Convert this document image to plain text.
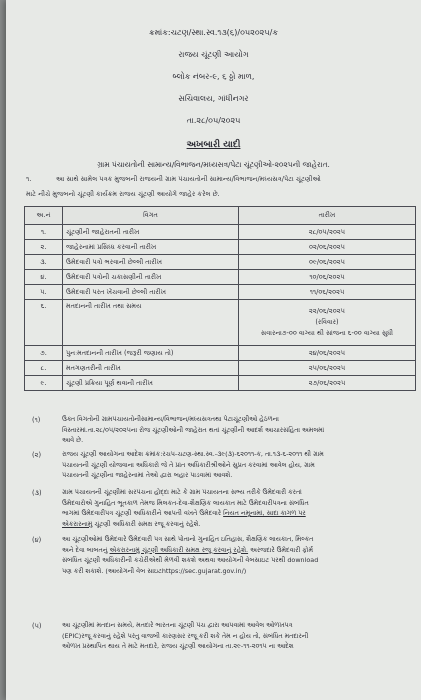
ક્રમાંક:ચટણ/સ્થા.સ્વ.૧૩(૬)/૦૫૨૦૨૫/ક
રાજય ચૂંટણી આયોગ
બ્લોક નંબર-૯, ૬ ઠ્ઠો માળ,
સચિવાલય, ગાંધીનગર
તા.૨૮/૦૫/૨૦૨૫
અખબારી યાદી
ગ્રામ પંચાયતોની સામાન્ય/વિભાજન/મધ્યસત્ર/પેટા ચૂંટણીઓ-૨૦૨૫ની જાહેરાત.
૧.	આ સાથે સામેલ પત્રક મુજબની રાજયની ગ્રામ પંચાયતોની સામાન્ય/વિભાજન/મધ્યસત્ર/પેટા ચૂંટણીઓ
માટે નીચે મુજબનો ચૂંટણી કાર્યક્રમ રાજય ચૂંટણી આયોગે જાહેર કરેલ છે.
અ.નં	વિગત	તારીખ
૧.	ચૂંટણીની જાહેરાતની તારીખ	૨૮/૦૫/૨૦૨૫
૨.	જાહેરનામાં પ્રસિધ્ધ કરવાની તારીખ	૦૨/૦૬/૨૦૨૫
૩.	ઉમેદવારી પત્રો ભરવાની છેલ્લી તારીખ	૦૯/૦૬/૨૦૨૫
૪.	ઉમેદવારી પત્રોની ચકાસણીની તારીખ	૧૦/૦૬/૨૦૨૫
૫.	ઉમેદવારી પરત ખેંચવાની છેલ્લી તારીખ	૧૧/૦૬/૨૦૨૫
૬.	મતદાનની તારીખ તથા સમય	૨૨/૦૬/૨૦૨૫
(રવિવાર)
સવારના૭-૦૦ વાગ્યા થી સાંજના ૬-૦૦ વાગ્યા સુધી

૭.	પુનઃમતદાનની તારીખ (જરૂરી જણાય તો)	૨૪/૦૬/૨૦૨૫
૮.	મતગણતરીની તારીખ	૨૫/૦૬/૨૦૨૫
૯.	ચૂંટણી પ્રક્રિયા પૂર્ણ થવાની તારીખ	૨૭/૦૬/૨૦૨૫
(૧)	ઉક્ત વિગતોની ગ્રામપંચાયતોનીસામાન્ય/વિભાજન/મધ્યસત્રતથા પેટાચૂંટણીઓ હેઠળના
વિસ્તારમાં.તા.૨૮/૦૫/૨૦૨૫ના રોજ ચૂંટણીઓની જાહેરાત થતાં ચૂંટણીની આદર્શ આચારસંહિતા અમલમાં
આવે છે.
(૨)	રાજય ચૂંટણી આયોગના આદેશ ક્રમાંક:રચપ-ચટણ-સ્થા.સ્વ.-૩૯(૩)-૬૨૦૧૧-ક, તા.૧૩-૬-૨૦૧૧ થી ગ્રામ
પંચાયતની ચૂંટણી યોજવાના અધિકારો જે તે પ્રાંત અધિકારીશ્રીઓને સુપ્રત કરવામાં આવેલ હોય, ગ્રામ
પંચાયતની ચૂંટણીના જાહેરનામાં તેઓ દ્વારા બહાર પાડવામાં આવશે.
(૩)	ગ્રામ પંચાયતની ચૂંટણીમાં સરપંચના હોદ્દા માટે કે ગ્રામ પંચાયતના સભ્ય તરીકે ઉમેદવારી કરતાં
ઉમેદવારોએ ગુનાહિત ભૂતકાળ તેમજ મિલકત-દેવા-શૈક્ષણિક લાયકાત માટે ઉમેદવારીપત્રના સંબંધિત
ભાગમાં ઉમેદવારીપત્ર ચૂંટણી અધિકારીને આપતી વખતે ઉમેદવારે નિયત નમૂનામાં, સાદા કાગળ પર
એકરારનામું ચૂંટણી અધિકારી સમક્ષ રજૂ કરવાનું રહેશે.
(૪)	આ ચૂંટણીઓમાં ઉમેદવારે ઉમેદવારી પત્ર સાથે પોતાનો ગુનાહિત ઇતિહાસ, શૈક્ષણિક લાયકાત, મિલ્કત
અને દેવા બાબતનું એકરારનામું ચૂંટણી અધિકારી સમક્ષ રજૂ કરવાનું રહેશે. અરજદારે ઉમેદવારી ફોર્મ
સંબંધિત ચૂંટણી અધિકારીની કચેરીએથી મેળવી શકશે અથવા આયોગની વેબસાઇટ પરથી download
પણ કરી શકાશે. (આયોગની વેબ સાઇટhttps://sec.gujarat.gov.in/)
(૫)	આ ચૂંટણીમાં મતદાન સમયે, મતદારે ભારતના ચૂંટણી પંચ દ્વારા આપવામાં આવેલ ઓળખપત્ર
(EPIC)રજૂ કરવાનું રહેશે પરંતુ વાજબી કારણસર રજૂ કરી શકે તેમ ન હોય તો, સંબંધિત મતદારની
ઓળખ પ્રસ્થાપિત થાય તે માટે મતદારે, રાજય ચૂંટણી આયોગના તા.૨૯-૧૧-૨૦૧૫ ના આદેશ
